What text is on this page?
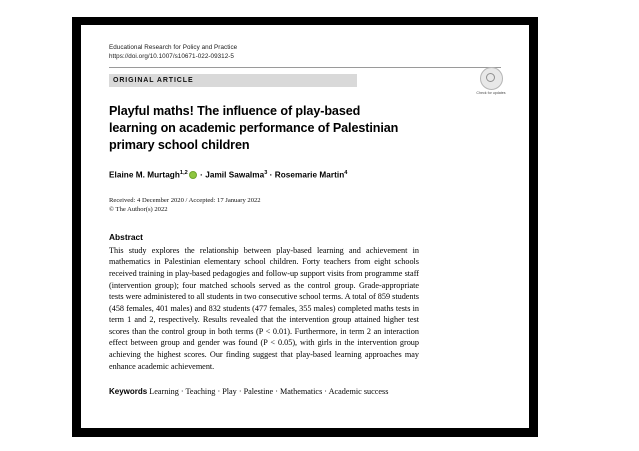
Educational Research for Policy and Practice
https://doi.org/10.1007/s10671-022-09312-5
ORIGINAL ARTICLE
Check for updates
Playful maths! The influence of play-based learning on academic performance of Palestinian primary school children
Elaine M. Murtagh$^{1,2}$ · Jamil Sawalma$^3$ · Rosemarie Martin$^4$
Received: 4 December 2020 / Accepted: 17 January 2022
© The Author(s) 2022
Abstract
This study explores the relationship between play-based learning and achievement in mathematics in Palestinian elementary school children. Forty teachers from eight schools received training in play-based pedagogies and follow-up support visits from programme staff (intervention group); four matched schools served as the control group. Grade-appropriate tests were administered to all students in two consecutive school terms. A total of 859 students (458 females, 401 males) and 832 students (477 females, 355 males) completed maths tests in term 1 and 2, respectively. Results revealed that the intervention group attained higher test scores than the control group in both terms (P < 0.01). Furthermore, in term 2 an interaction effect between group and gender was found (P < 0.05), with girls in the intervention group achieving the highest scores. Our finding suggest that play-based learning approaches may enhance academic achievement.
Keywords Learning · Teaching · Play · Palestine · Mathematics · Academic success
